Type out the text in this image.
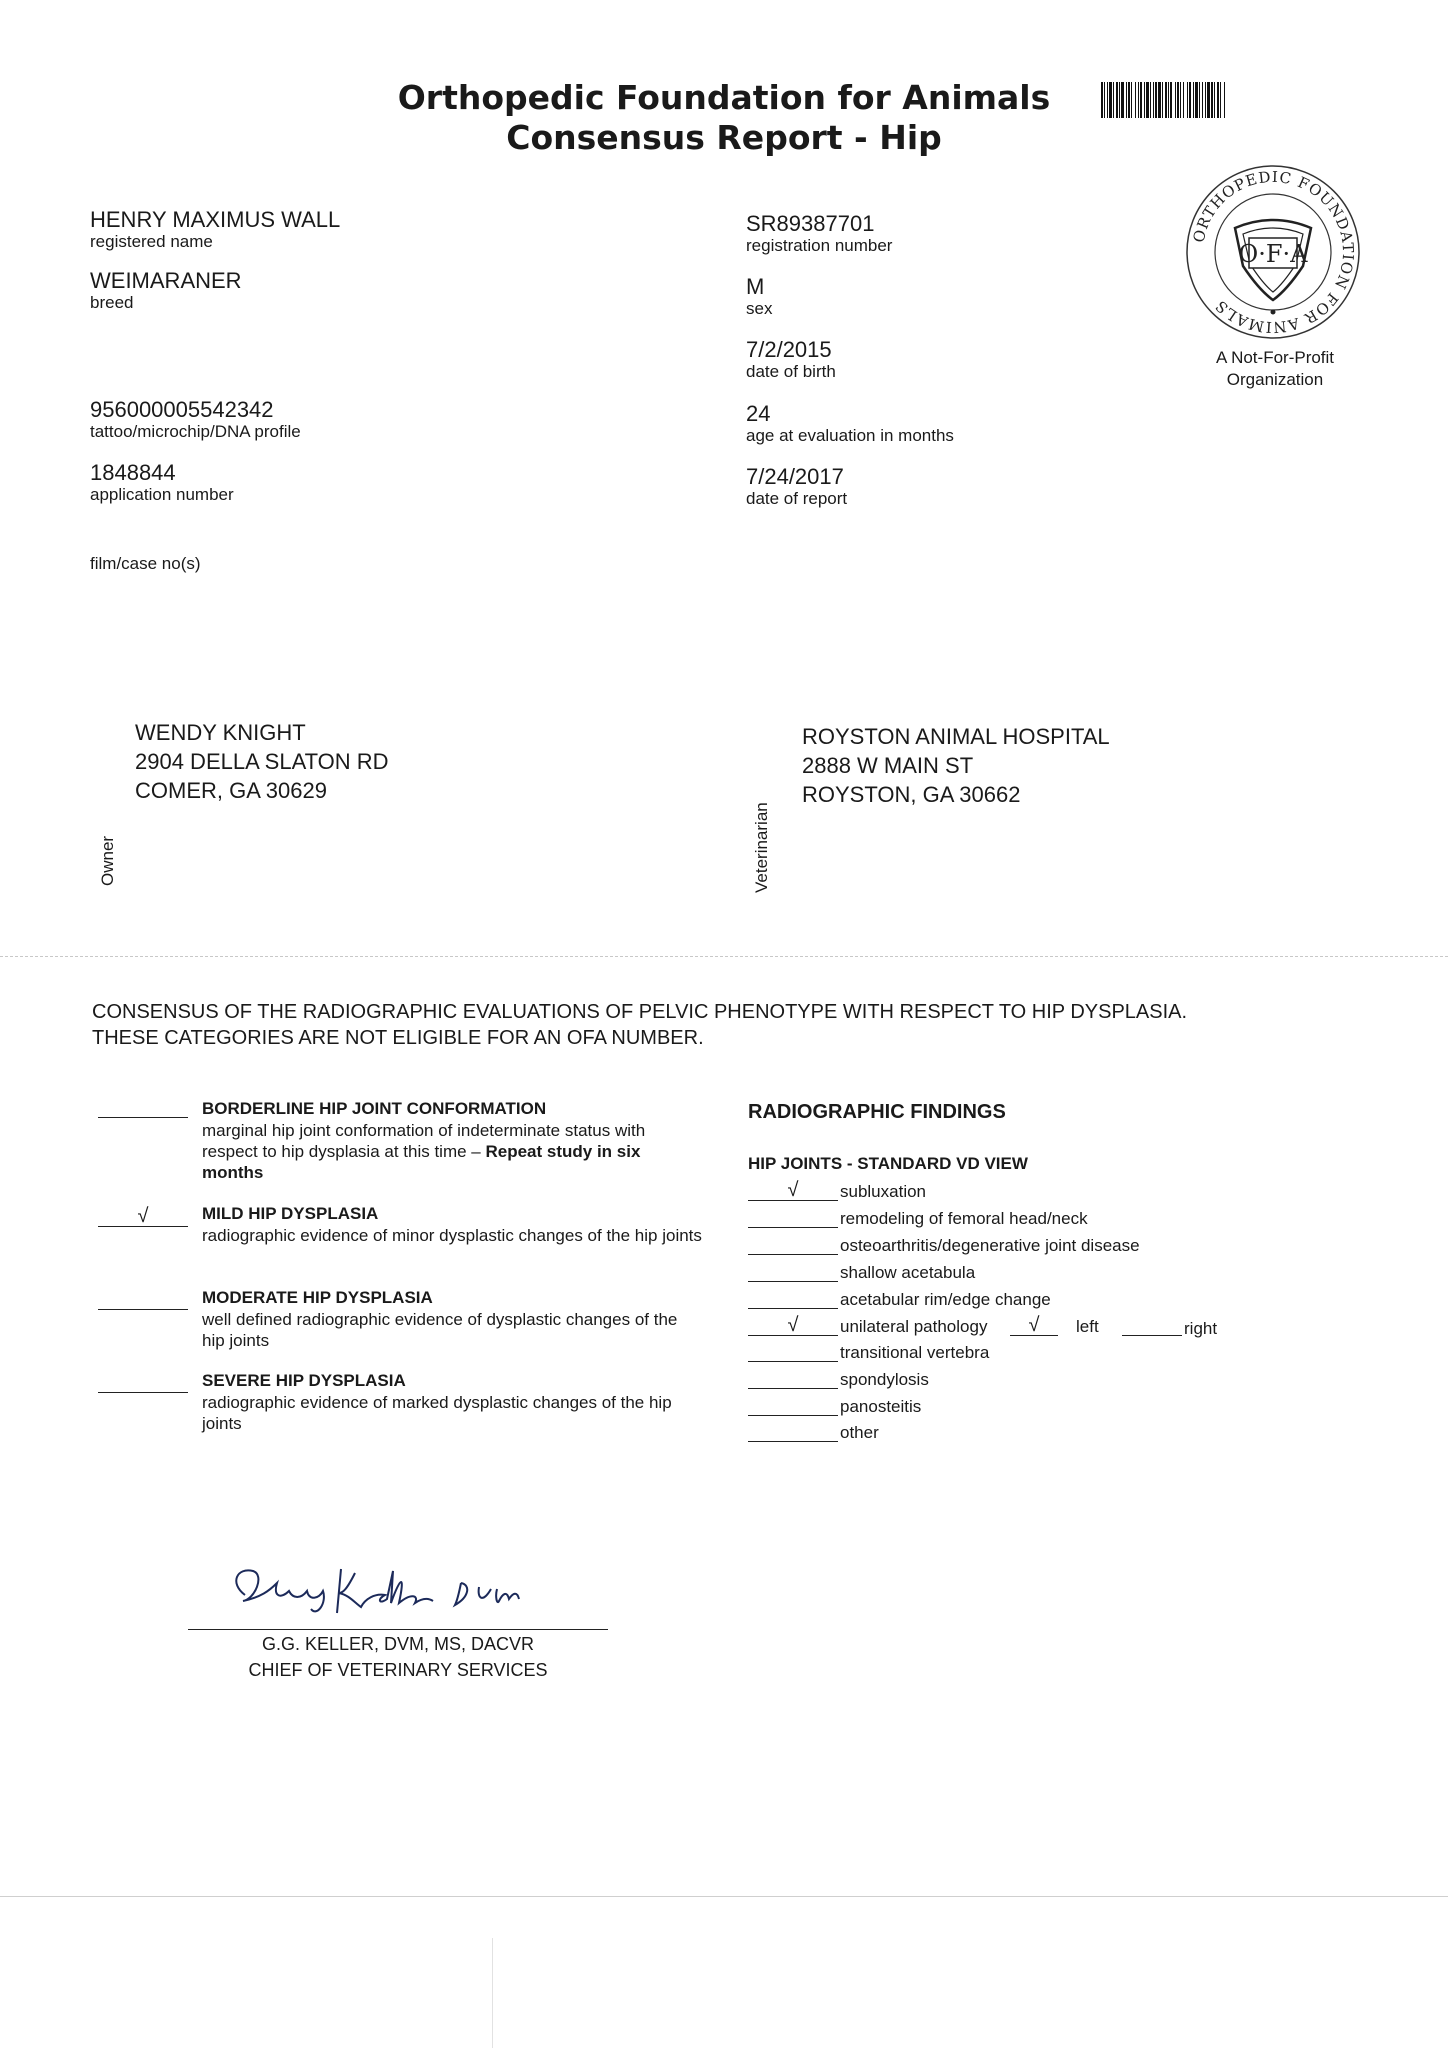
Orthopedic Foundation for Animals
Consensus Report - Hip
ORTHOPEDIC FOUNDATION FOR ANIMALS
O·F·A
A Not-For-Profit
Organization
HENRY MAXIMUS WALL
registered name
WEIMARANER
breed
956000005542342
tattoo/microchip/DNA profile
1848844
application number
film/case no(s)
SR89387701
registration number
M
sex
7/2/2015
date of birth
24
age at evaluation in months
7/24/2017
date of report
WENDY KNIGHT
2904 DELLA SLATON RD
COMER, GA 30629
Owner
ROYSTON ANIMAL HOSPITAL
2888 W MAIN ST
ROYSTON, GA 30662
Veterinarian
CONSENSUS OF THE RADIOGRAPHIC EVALUATIONS OF PELVIC PHENOTYPE WITH RESPECT TO HIP DYSPLASIA.
THESE CATEGORIES ARE NOT ELIGIBLE FOR AN OFA NUMBER.
BORDERLINE HIP JOINT CONFORMATION
marginal hip joint conformation of indeterminate status with respect to hip dysplasia at this time – Repeat study in six months
√	MILD HIP DYSPLASIA
radiographic evidence of minor dysplastic changes of the hip joints
MODERATE HIP DYSPLASIA
well defined radiographic evidence of dysplastic changes of the hip joints
SEVERE HIP DYSPLASIA
radiographic evidence of marked dysplastic changes of the hip joints
RADIOGRAPHIC FINDINGS
HIP JOINTS - STANDARD VD VIEW
√	subluxation
remodeling of femoral head/neck
osteoarthritis/degenerative joint disease
shallow acetabula
acetabular rim/edge change
√	unilateral pathology	√	left	right
transitional vertebra
spondylosis
panosteitis
other
G.G. KELLER, DVM, MS, DACVR
CHIEF OF VETERINARY SERVICES
